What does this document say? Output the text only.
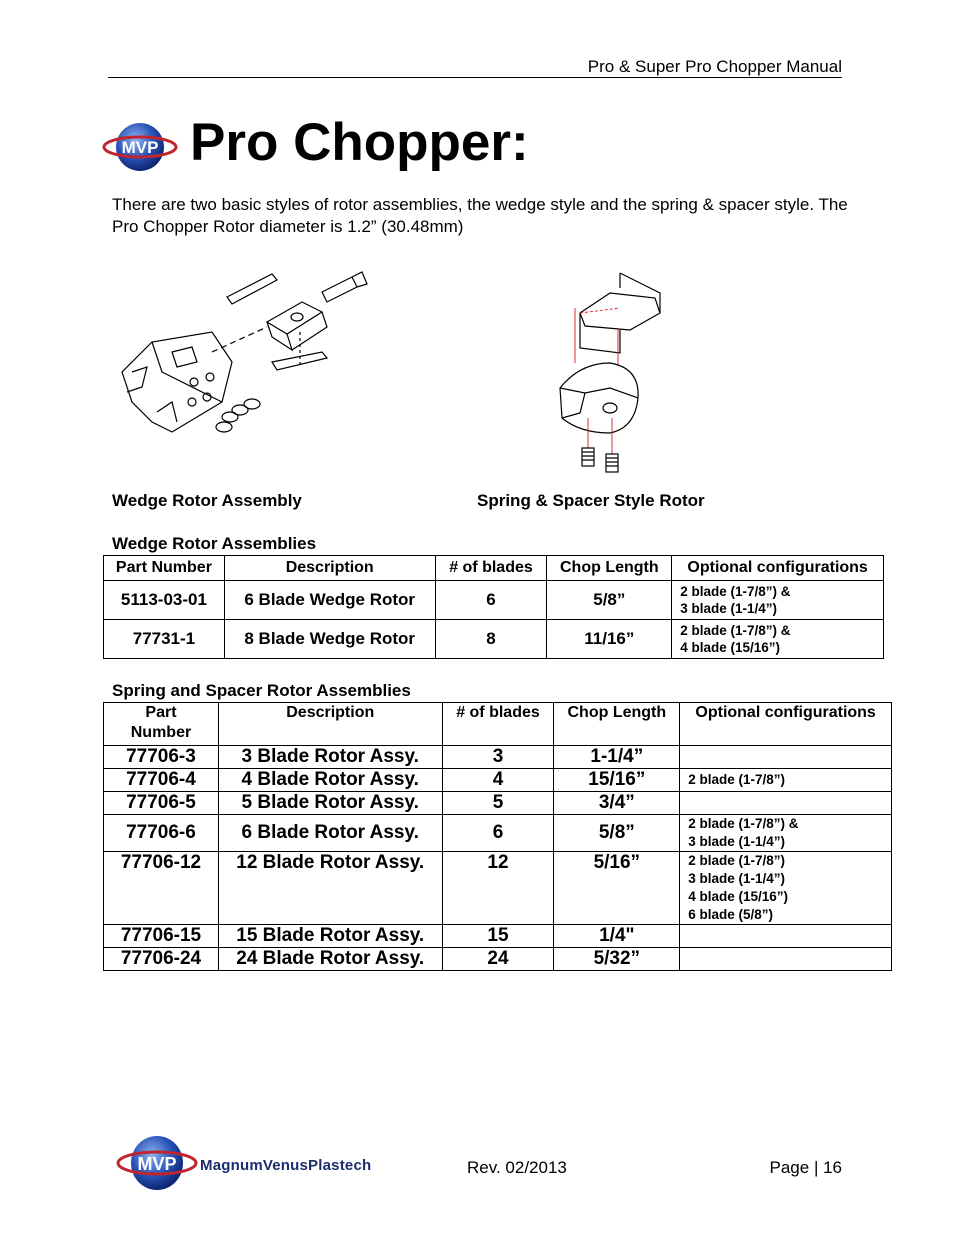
Pro & Super Pro Chopper Manual
MVP Pro Chopper:
There are two basic styles of rotor assemblies, the wedge style and the spring & spacer style. The Pro Chopper Rotor diameter is 1.2” (30.48mm)
Wedge Rotor Assembly	Spring & Spacer Style Rotor
Wedge Rotor Assemblies
Part Number	Description	# of blades	Chop Length	Optional configurations
5113-03-01	6 Blade Wedge Rotor	6	5/8”	2 blade (1-7/8”) &
3 blade (1-1/4”)

77731-1	8 Blade Wedge Rotor	8	11/16”	2 blade (1-7/8”) &
4 blade (15/16”)
Spring and Spacer Rotor Assemblies
Part Number	Description	# of blades	Chop Length	Optional configurations
77706-3	3 Blade Rotor Assy.	3	1-1/4”	
77706-4	4 Blade Rotor Assy.	4	15/16”	2 blade (1-7/8”)

77706-5	5 Blade Rotor Assy.	5	3/4”	
77706-6	6 Blade Rotor Assy.	6	5/8”	2 blade (1-7/8”) &
3 blade (1-1/4”)

77706-12	12 Blade Rotor Assy.	12	5/16”	2 blade (1-7/8”)
3 blade (1-1/4”)
4 blade (15/16”)
6 blade (5/8”)

77706-15	15 Blade Rotor Assy.	15	1/4"	
77706-24	24 Blade Rotor Assy.	24	5/32”	
MVP MagnumVenusPlastech	Rev. 02/2013	Page | 16
